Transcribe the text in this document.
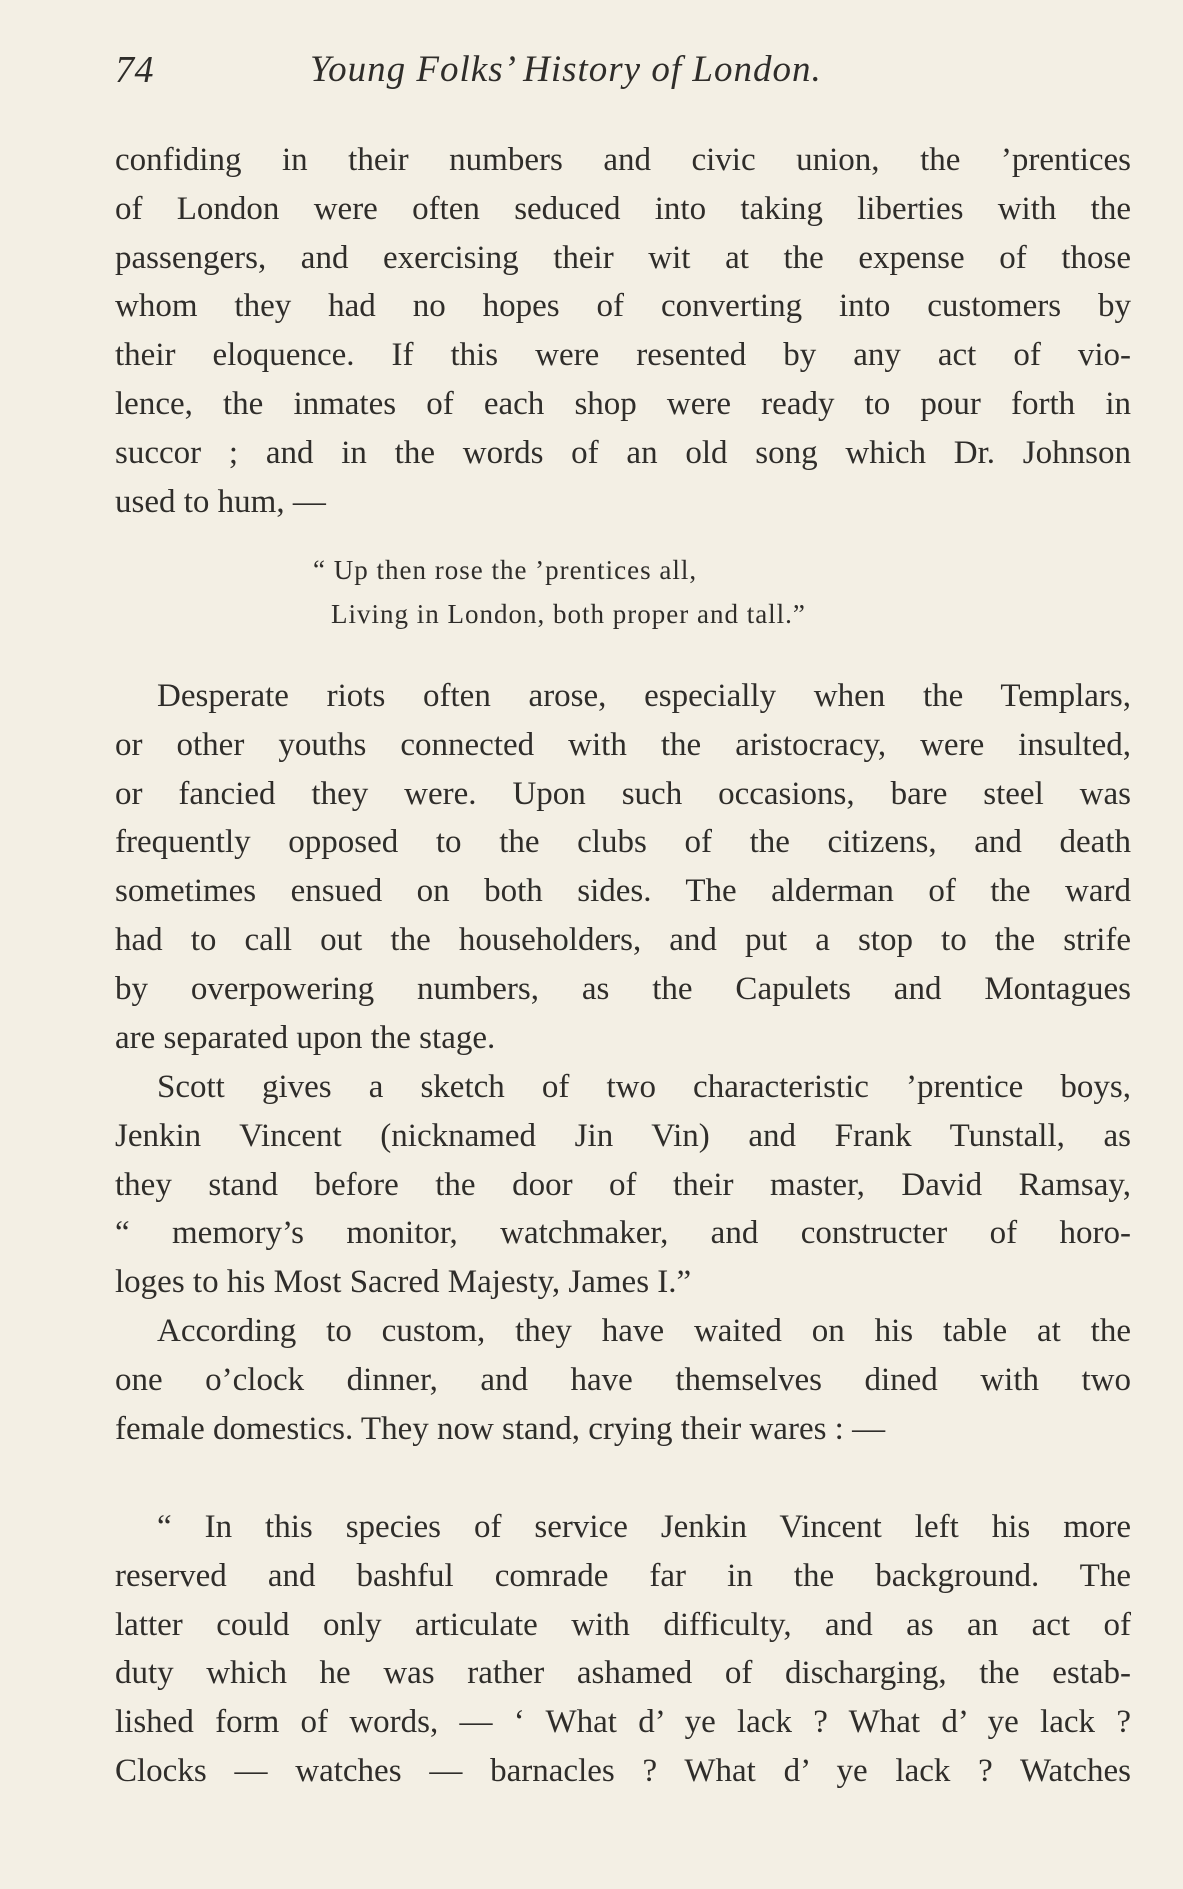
74	Young Folks’ History of London.
confiding in their numbers and civic union, the ’prentices
of London were often seduced into taking liberties with the
passengers, and exercising their wit at the expense of those
whom they had no hopes of converting into customers by
their eloquence. If this were resented by any act of vio-
lence, the inmates of each shop were ready to pour forth in
succor ; and in the words of an old song which Dr. Johnson
used to hum, —
“ Up then rose the ’prentices all,
Living in London, both proper and tall.”
Desperate riots often arose, especially when the Templars,
or other youths connected with the aristocracy, were insulted,
or fancied they were. Upon such occasions, bare steel was
frequently opposed to the clubs of the citizens, and death
sometimes ensued on both sides. The alderman of the ward
had to call out the householders, and put a stop to the strife
by overpowering numbers, as the Capulets and Montagues
are separated upon the stage.
Scott gives a sketch of two characteristic ’prentice boys,
Jenkin Vincent (nicknamed Jin Vin) and Frank Tunstall, as
they stand before the door of their master, David Ramsay,
“ memory’s monitor, watchmaker, and constructer of horo-
loges to his Most Sacred Majesty, James I.”
According to custom, they have waited on his table at the
one o’clock dinner, and have themselves dined with two
female domestics. They now stand, crying their wares : —
“ In this species of service Jenkin Vincent left his more
reserved and bashful comrade far in the background. The
latter could only articulate with difficulty, and as an act of
duty which he was rather ashamed of discharging, the estab-
lished form of words, — ‘ What d’ ye lack ? What d’ ye lack ?
Clocks — watches — barnacles ? What d’ ye lack ? Watches
